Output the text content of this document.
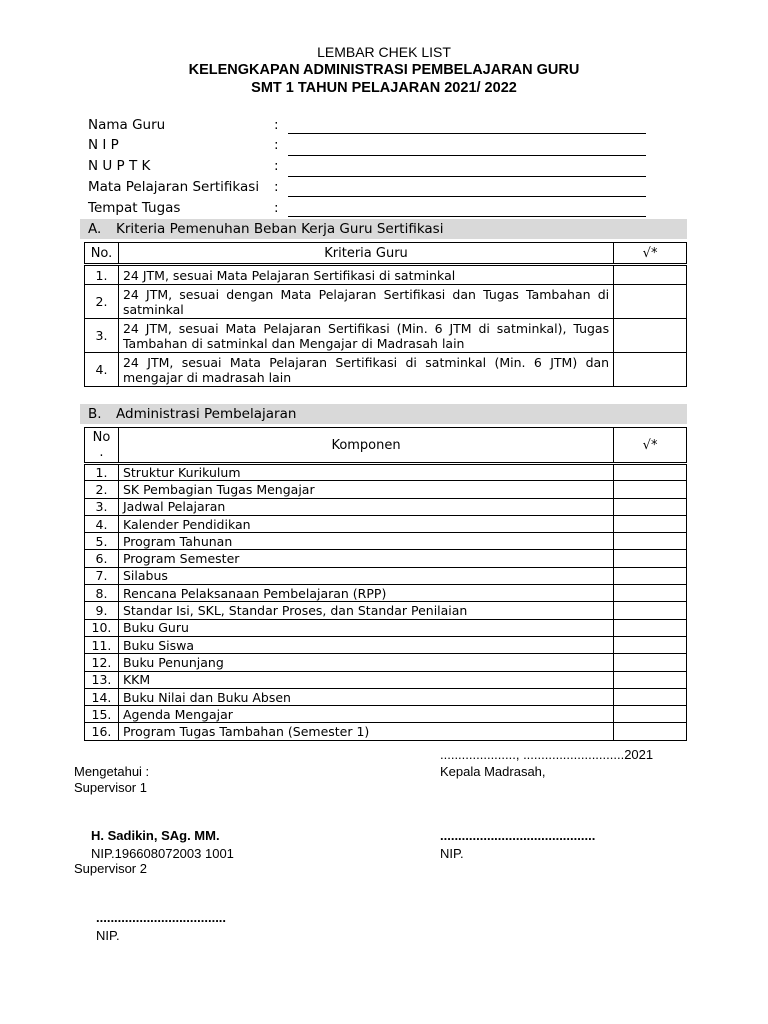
LEMBAR CHEK LIST
KELENGKAPAN ADMINISTRASI PEMBELAJARAN GURU
SMT 1 TAHUN PELAJARAN 2021/ 2022
Nama Guru	:
N I P	:
N U P T K	:
Mata Pelajaran Sertifikasi :
Tempat Tugas	:
A. Kriteria Pemenuhan Beban Kerja Guru Sertifikasi
No.	Kriteria Guru	√*
1.	24 JTM, sesuai Mata Pelajaran Sertifikasi di satminkal	
2.	24 JTM, sesuai dengan Mata Pelajaran Sertifikasi dan Tugas Tambahan di satminkal	
3.	24 JTM, sesuai Mata Pelajaran Sertifikasi (Min. 6 JTM di satminkal), Tugas Tambahan di satminkal dan Mengajar di Madrasah lain	
4.	24 JTM, sesuai Mata Pelajaran Sertifikasi di satminkal (Min. 6 JTM) dan mengajar di madrasah lain	
B. Administrasi Pembelajaran
No
.	Komponen	√*
1.	Struktur Kurikulum	
2.	SK Pembagian Tugas Mengajar	
3.	Jadwal Pelajaran	
4.	Kalender Pendidikan	
5.	Program Tahunan	
6.	Program Semester	
7.	Silabus	
8.	Rencana Pelaksanaan Pembelajaran (RPP)	
9.	Standar Isi, SKL, Standar Proses, dan Standar Penilaian	
10.	Buku Guru	
11.	Buku Siswa	
12.	Buku Penunjang	
13.	KKM	
14.	Buku Nilai dan Buku Absen	
15.	Agenda Mengajar	
16.	Program Tugas Tambahan (Semester 1)	
....................., ............................2021
Mengetahui :
Supervisor 1
Kepala Madrasah,
H. Sadikin, SAg. MM.
NIP.196608072003 1001
...........................................
NIP.
Supervisor 2
....................................
NIP.
